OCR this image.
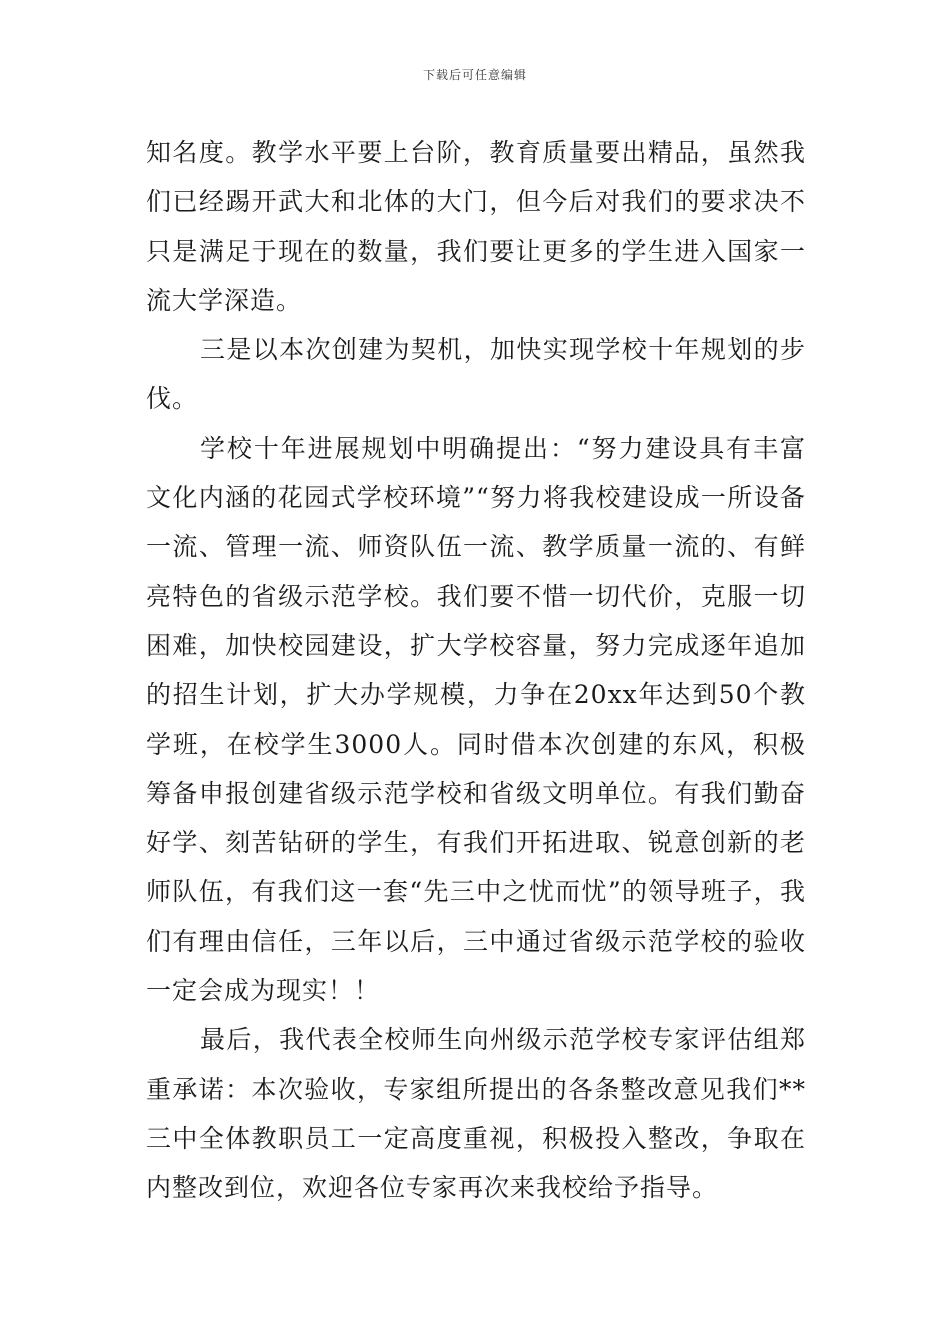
下载后可任意编辑

知名度。教学水平要上台阶，教育质量要出精品，虽然我们已经踢开武大和北体的大门，但今后对我们的要求决不只是满足于现在的数量，我们要让更多的学生进入国家一流大学深造。

三是以本次创建为契机，加快实现学校十年规划的步伐。

学校十年进展规划中明确提出：“努力建设具有丰富文化内涵的花园式学校环境”“努力将我校建设成一所设备一流、管理一流、师资队伍一流、教学质量一流的、有鲜亮特色的省级示范学校。我们要不惜一切代价，克服一切困难，加快校园建设，扩大学校容量，努力完成逐年追加的招生计划，扩大办学规模，力争在20xx年达到50个教学班，在校学生3000人。同时借本次创建的东风，积极筹备申报创建省级示范学校和省级文明单位。有我们勤奋好学、刻苦钻研的学生，有我们开拓进取、锐意创新的老师队伍，有我们这一套“先三中之忧而忧”的领导班子，我们有理由信任，三年以后，三中通过省级示范学校的验收一定会成为现实！！

最后，我代表全校师生向州级示范学校专家评估组郑重承诺：本次验收，专家组所提出的各条整改意见我们**三中全体教职员工一定高度重视，积极投入整改，争取在内整改到位，欢迎各位专家再次来我校给予指导。
